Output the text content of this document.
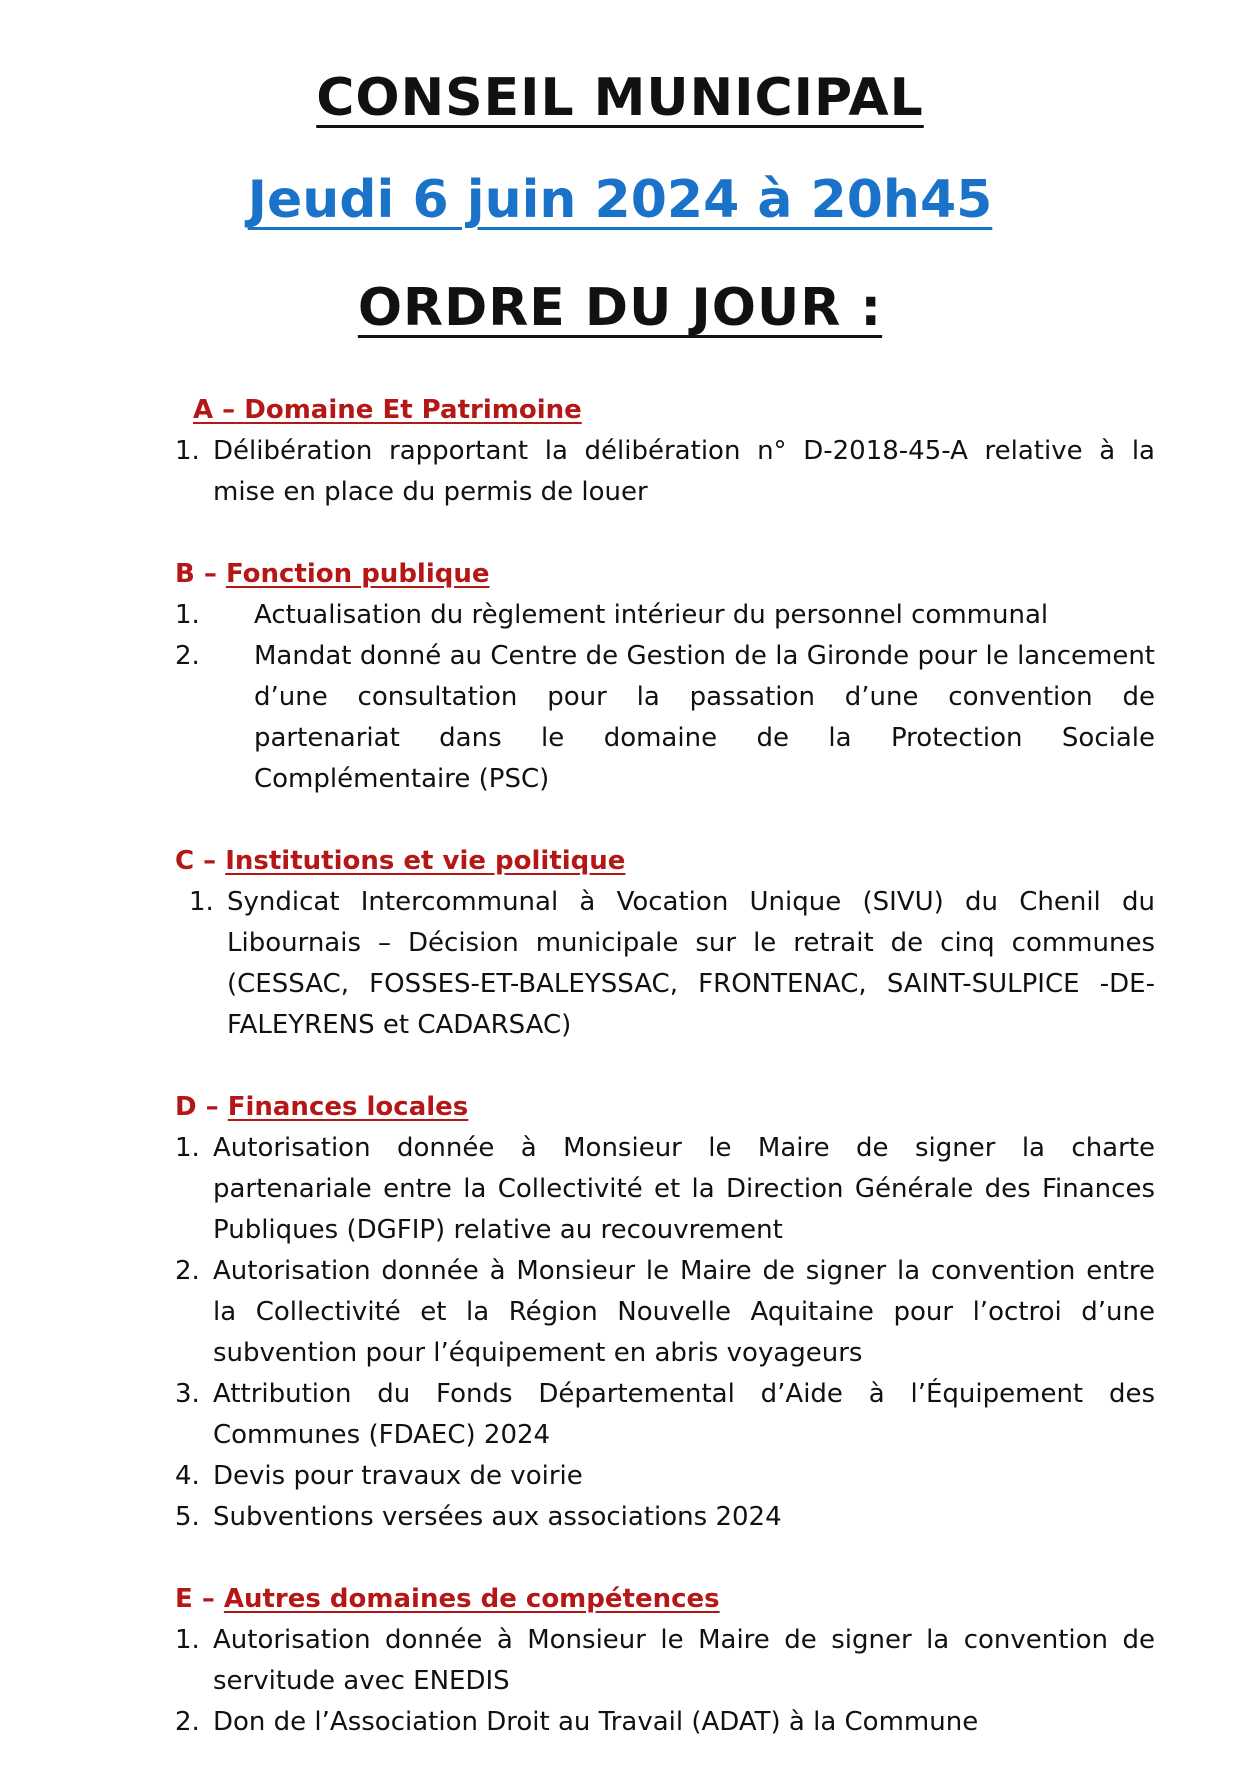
CONSEIL MUNICIPAL
Jeudi 6 juin 2024 à 20h45
ORDRE DU JOUR :
A – Domaine Et Patrimoine
1. Délibération rapportant la délibération n° D-2018-45-A relative à la mise en place du permis de louer
B – Fonction publique
1.	Actualisation du règlement intérieur du personnel communal
2.	Mandat donné au Centre de Gestion de la Gironde pour le lancement d’une consultation pour la passation d’une convention de partenariat dans le domaine de la Protection Sociale Complémentaire (PSC)
C – Institutions et vie politique
1. Syndicat Intercommunal à Vocation Unique (SIVU) du Chenil du Libournais – Décision municipale sur le retrait de cinq communes (CESSAC, FOSSES-ET-BALEYSSAC, FRONTENAC, SAINT-SULPICE -DE-FALEYRENS et CADARSAC)
D – Finances locales
1. Autorisation donnée à Monsieur le Maire de signer la charte partenariale entre la Collectivité et la Direction Générale des Finances Publiques (DGFIP) relative au recouvrement
2. Autorisation donnée à Monsieur le Maire de signer la convention entre la Collectivité et la Région Nouvelle Aquitaine pour l’octroi d’une subvention pour l’équipement en abris voyageurs
3. Attribution du Fonds Départemental d’Aide à l’Équipement des Communes (FDAEC) 2024
4. Devis pour travaux de voirie
5. Subventions versées aux associations 2024
E – Autres domaines de compétences
1. Autorisation donnée à Monsieur le Maire de signer la convention de servitude avec ENEDIS
2. Don de l’Association Droit au Travail (ADAT) à la Commune
